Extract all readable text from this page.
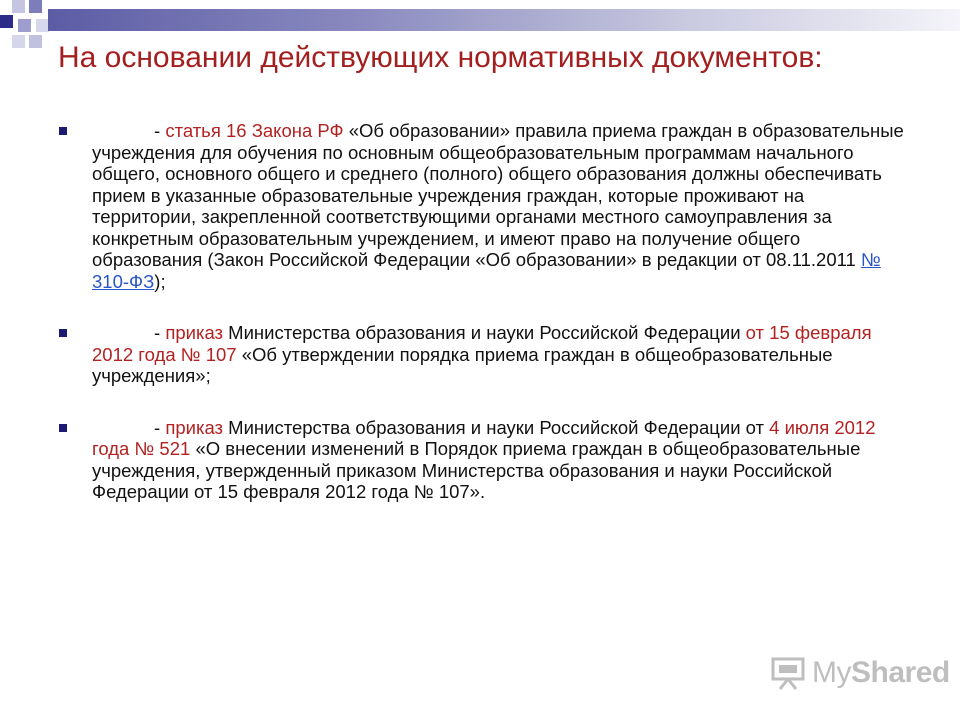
На основании действующих нормативных документов:
- статья 16 Закона РФ «Об образовании» правила приема граждан в образовательные учреждения для обучения по основным общеобразовательным программам начального общего, основного общего и среднего (полного) общего образования должны обеспечивать прием в указанные образовательные учреждения граждан, которые проживают на территории, закрепленной соответствующими органами местного самоуправления за конкретным образовательным учреждением, и имеют право на получение общего образования (Закон Российской Федерации «Об образовании» в редакции от 08.11.2011 № 310-ФЗ);
- приказ Министерства образования и науки Российской Федерации от 15 февраля 2012 года № 107 «Об утверждении порядка приема граждан в общеобразовательные учреждения»;
- приказ Министерства образования и науки Российской Федерации от 4 июля 2012 года № 521 «О внесении изменений в Порядок приема граждан в общеобразовательные учреждения, утвержденный приказом Министерства образования и науки Российской Федерации от 15 февраля 2012 года № 107».
MyShared
